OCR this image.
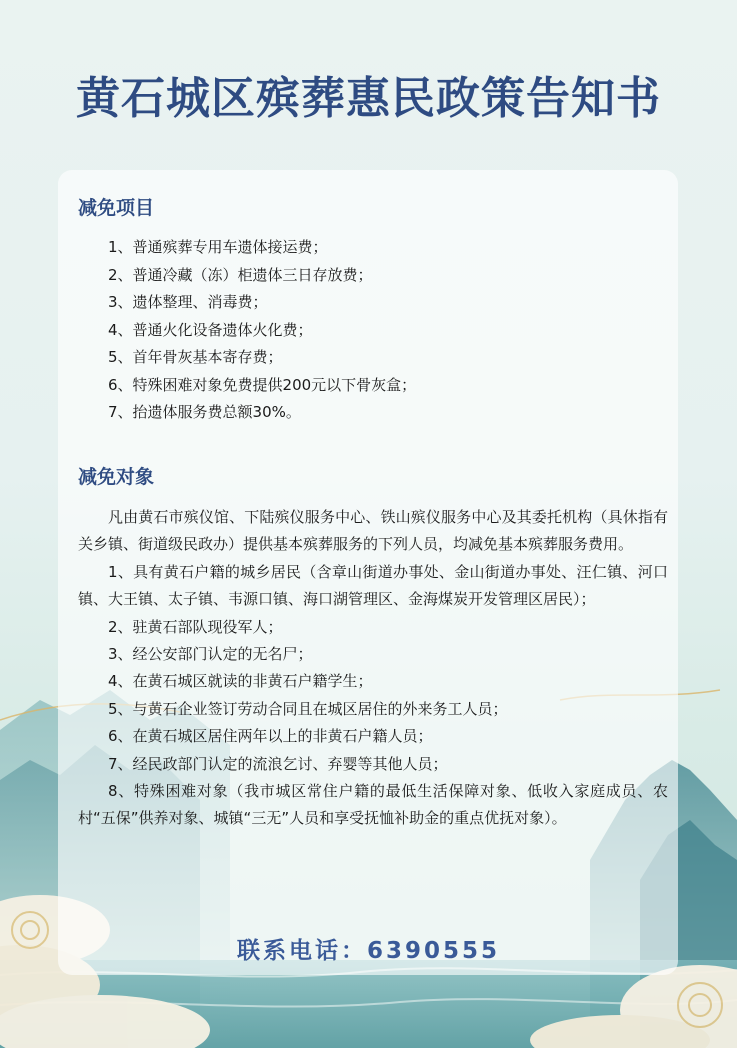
黄石城区殡葬惠民政策告知书
减免项目
1、普通殡葬专用车遗体接运费；
2、普通冷藏（冻）柜遗体三日存放费；
3、遗体整理、消毒费；
4、普通火化设备遗体火化费；
5、首年骨灰基本寄存费；
6、特殊困难对象免费提供200元以下骨灰盒；
7、抬遗体服务费总额30%。
减免对象

凡由黄石市殡仪馆、下陆殡仪服务中心、铁山殡仪服务中心及其委托机构（具休指有关乡镇、街道级民政办）提供基本殡葬服务的下列人员，均减免基本殡葬服务费用。

1、具有黄石户籍的城乡居民（含章山街道办事处、金山街道办事处、汪仁镇、河口镇、大王镇、太子镇、韦源口镇、海口湖管理区、金海煤炭开发管理区居民）；

2、驻黄石部队现役军人；

3、经公安部门认定的无名尸；

4、在黄石城区就读的非黄石户籍学生；

5、与黄石企业签订劳动合同且在城区居住的外来务工人员；

6、在黄石城区居住两年以上的非黄石户籍人员；

7、经民政部门认定的流浪乞讨、弃婴等其他人员；

8、特殊困难对象（我市城区常住户籍的最低生活保障对象、低收入家庭成员、农村“五保”供养对象、城镇“三无”人员和享受抚恤补助金的重点优抚对象）。

联系电话：6390555
